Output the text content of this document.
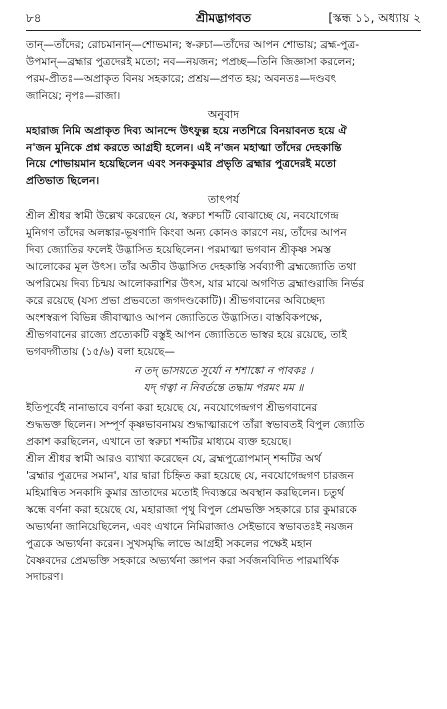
৮৪	শ্রীমদ্ভাগবত	[স্কন্ধ ১১, অধ্যায় ২
তান্—তাঁদের; রোচমানান্—শোভমান; স্ব-রুচা—তাঁদের আপন শোভায়; ব্রহ্ম-পুত্র-
উপমান্—ব্রহ্মার পুত্রদেরই মতো; নব—নয়জন; পপ্রচ্ছ—তিনি জিজ্ঞাসা করলেন;
পরম-প্রীতঃ—অপ্রাকৃত বিনয় সহকারে; প্রশ্রয়—প্রণত হয়; অবনতঃ—দণ্ডবৎ
জানিয়ে; নৃপঃ—রাজা।
অনুবাদ
মহারাজ নিমি অপ্রাকৃত দিব্য আনন্দে উৎফুল্ল হয়ে নতশিরে বিনয়াবনত হয়ে ঐ
ন'জন মুনিকে প্রশ্ন করতে আগ্রহী হলেন। এই ন'জন মহাত্মা তাঁদের দেহকান্তি
নিয়ে শোভায়মান হয়েছিলেন এবং সনককুমার প্রভৃতি ব্রহ্মার পুত্রদেরই মতো
প্রতিভাত ছিলেন।
তাৎপর্য
শ্রীল শ্রীধর স্বামী উল্লেখ করেছেন যে, স্বরুচা শব্দটি বোঝাচ্ছে যে, নবযোগেন্দ্র
মুনিগণ তাঁদের অলঙ্কার-ভূষণাদি কিংবা অন্য কোনও কারণে নয়, তাঁদের আপন
দিব্য জ্যোতির ফলেই উদ্ভাসিত হয়েছিলেন। পরমাত্মা ভগবান শ্রীকৃষ্ণ সমস্ত
আলোকের মূল উৎস। তাঁর অতীব উদ্ভাসিত দেহকান্তি সর্বব্যাপী ব্রহ্মজ্যোতি তথা
অপরিমেয় দিব্য চিন্ময় আলোকরাশির উৎস, যার মাঝে অগণিত ব্রহ্মাণ্ডরাজি নির্ভর
করে রয়েছে (যস্য প্রভা প্রভবতো জগদণ্ডকোটি)। শ্রীভগবানের অবিচ্ছেদ্য
অংশস্বরূপ বিভিন্ন জীবাত্মাও আপন জ্যোতিতে উদ্ভাসিত। বাস্তবিকপক্ষে,
শ্রীভগবানের রাজ্যে প্রত্যেকটি বস্তুই আপন জ্যোতিতে ভাস্বর হয়ে রয়েছে, তাই
ভগবদ্গীতায় (১৫/৬) বলা হয়েছে—
ন তদ্ ভাসয়তে সূর্যো ন শশাঙ্কো ন পাবকঃ ।
যদ্ গত্বা ন নিবর্তন্তে তদ্ধাম পরমং মম ॥
ইতিপূর্বেই নানাভাবে বর্ণনা করা হয়েছে যে, নবযোগেন্দ্রগণ শ্রীভগবানের
শুদ্ধভক্ত ছিলেন। সম্পূর্ণ কৃষ্ণভাবনাময় শুদ্ধাত্মারূপে তাঁরা স্বভাবতই বিপুল জ্যোতি
প্রকাশ করছিলেন, এখানে তা স্বরুচা শব্দটির মাধ্যমে ব্যক্ত হয়েছে।
শ্রীল শ্রীধর স্বামী আরও ব্যাখ্যা করেছেন যে, ব্রহ্মপুত্রোপমান্ শব্দটির অর্থ
'ব্রহ্মার পুত্রদের সমান', যার দ্বারা চিহ্নিত করা হয়েছে যে, নবযোগেন্দ্রগণ চারজন
মহিমান্বিত সনকাদি কুমার ভ্রাতাদের মতোই দিব্যস্তরে অবস্থান করছিলেন। চতুর্থ
স্কন্ধে বর্ণনা করা হয়েছে যে, মহারাজা পৃথু বিপুল প্রেমভক্তি সহকারে চার কুমারকে
অভ্যর্থনা জানিয়েছিলেন, এবং এখানে নিমিরাজাও সেইভাবে স্বভাবতঃই নয়জন
পুত্রকে অভ্যর্থনা করেন। সুখসমৃদ্ধি লাভে আগ্রহী সকলের পক্ষেই মহান
বৈষ্ণবদের প্রেমভক্তি সহকারে অভ্যর্থনা জ্ঞাপন করা সর্বজনবিদিত পারমার্থিক
সদাচরণ।
